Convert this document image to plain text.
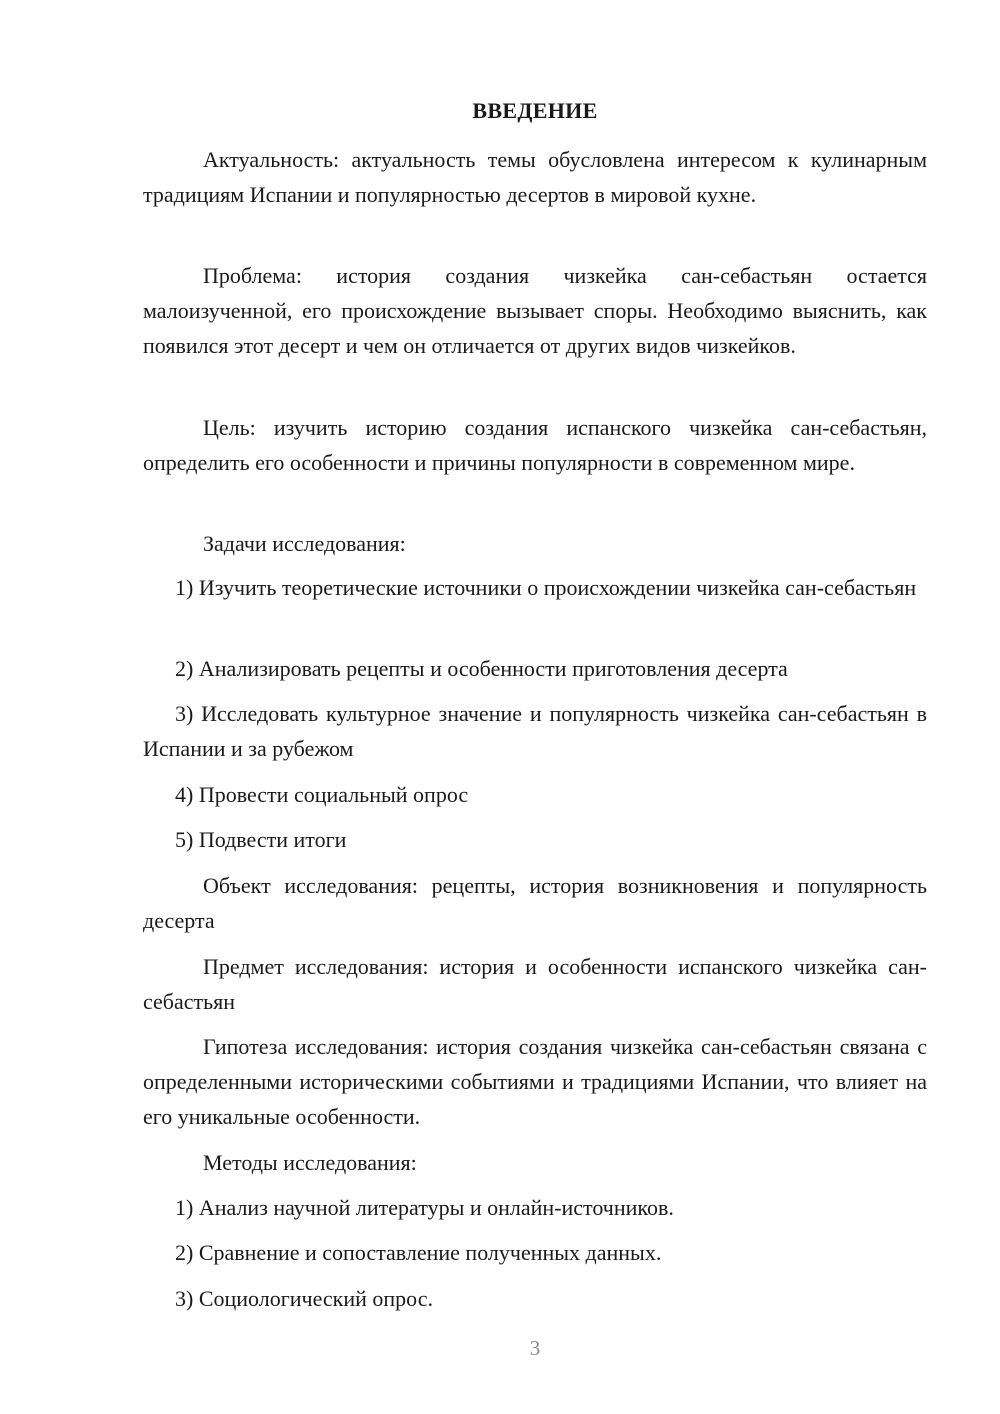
ВВЕДЕНИЕ

Актуальность: актуальность темы обусловлена интересом к кулинарным традициям Испании и популярностью десертов в мировой кухне.

Проблема: история создания чизкейка сан-себастьян остается малоизученной, его происхождение вызывает споры. Необходимо выяснить, как появился этот десерт и чем он отличается от других видов чизкейков.

Цель: изучить историю создания испанского чизкейка сан-себастьян, определить его особенности и причины популярности в современном мире.

Задачи исследования:

1) Изучить теоретические источники о происхождении чизкейка сан-себастьян

2) Анализировать рецепты и особенности приготовления десерта

3) Исследовать культурное значение и популярность чизкейка сан-себастьян в Испании и за рубежом

4) Провести социальный опрос

5) Подвести итоги

Объект исследования: рецепты, история возникновения и популярность десерта

Предмет исследования: история и особенности испанского чизкейка сан-себастьян

Гипотеза исследования: история создания чизкейка сан-себастьян связана с определенными историческими событиями и традициями Испании, что влияет на его уникальные особенности.

Методы исследования:

1) Анализ научной литературы и онлайн-источников.

2) Сравнение и сопоставление полученных данных.

3) Социологический опрос.

3
